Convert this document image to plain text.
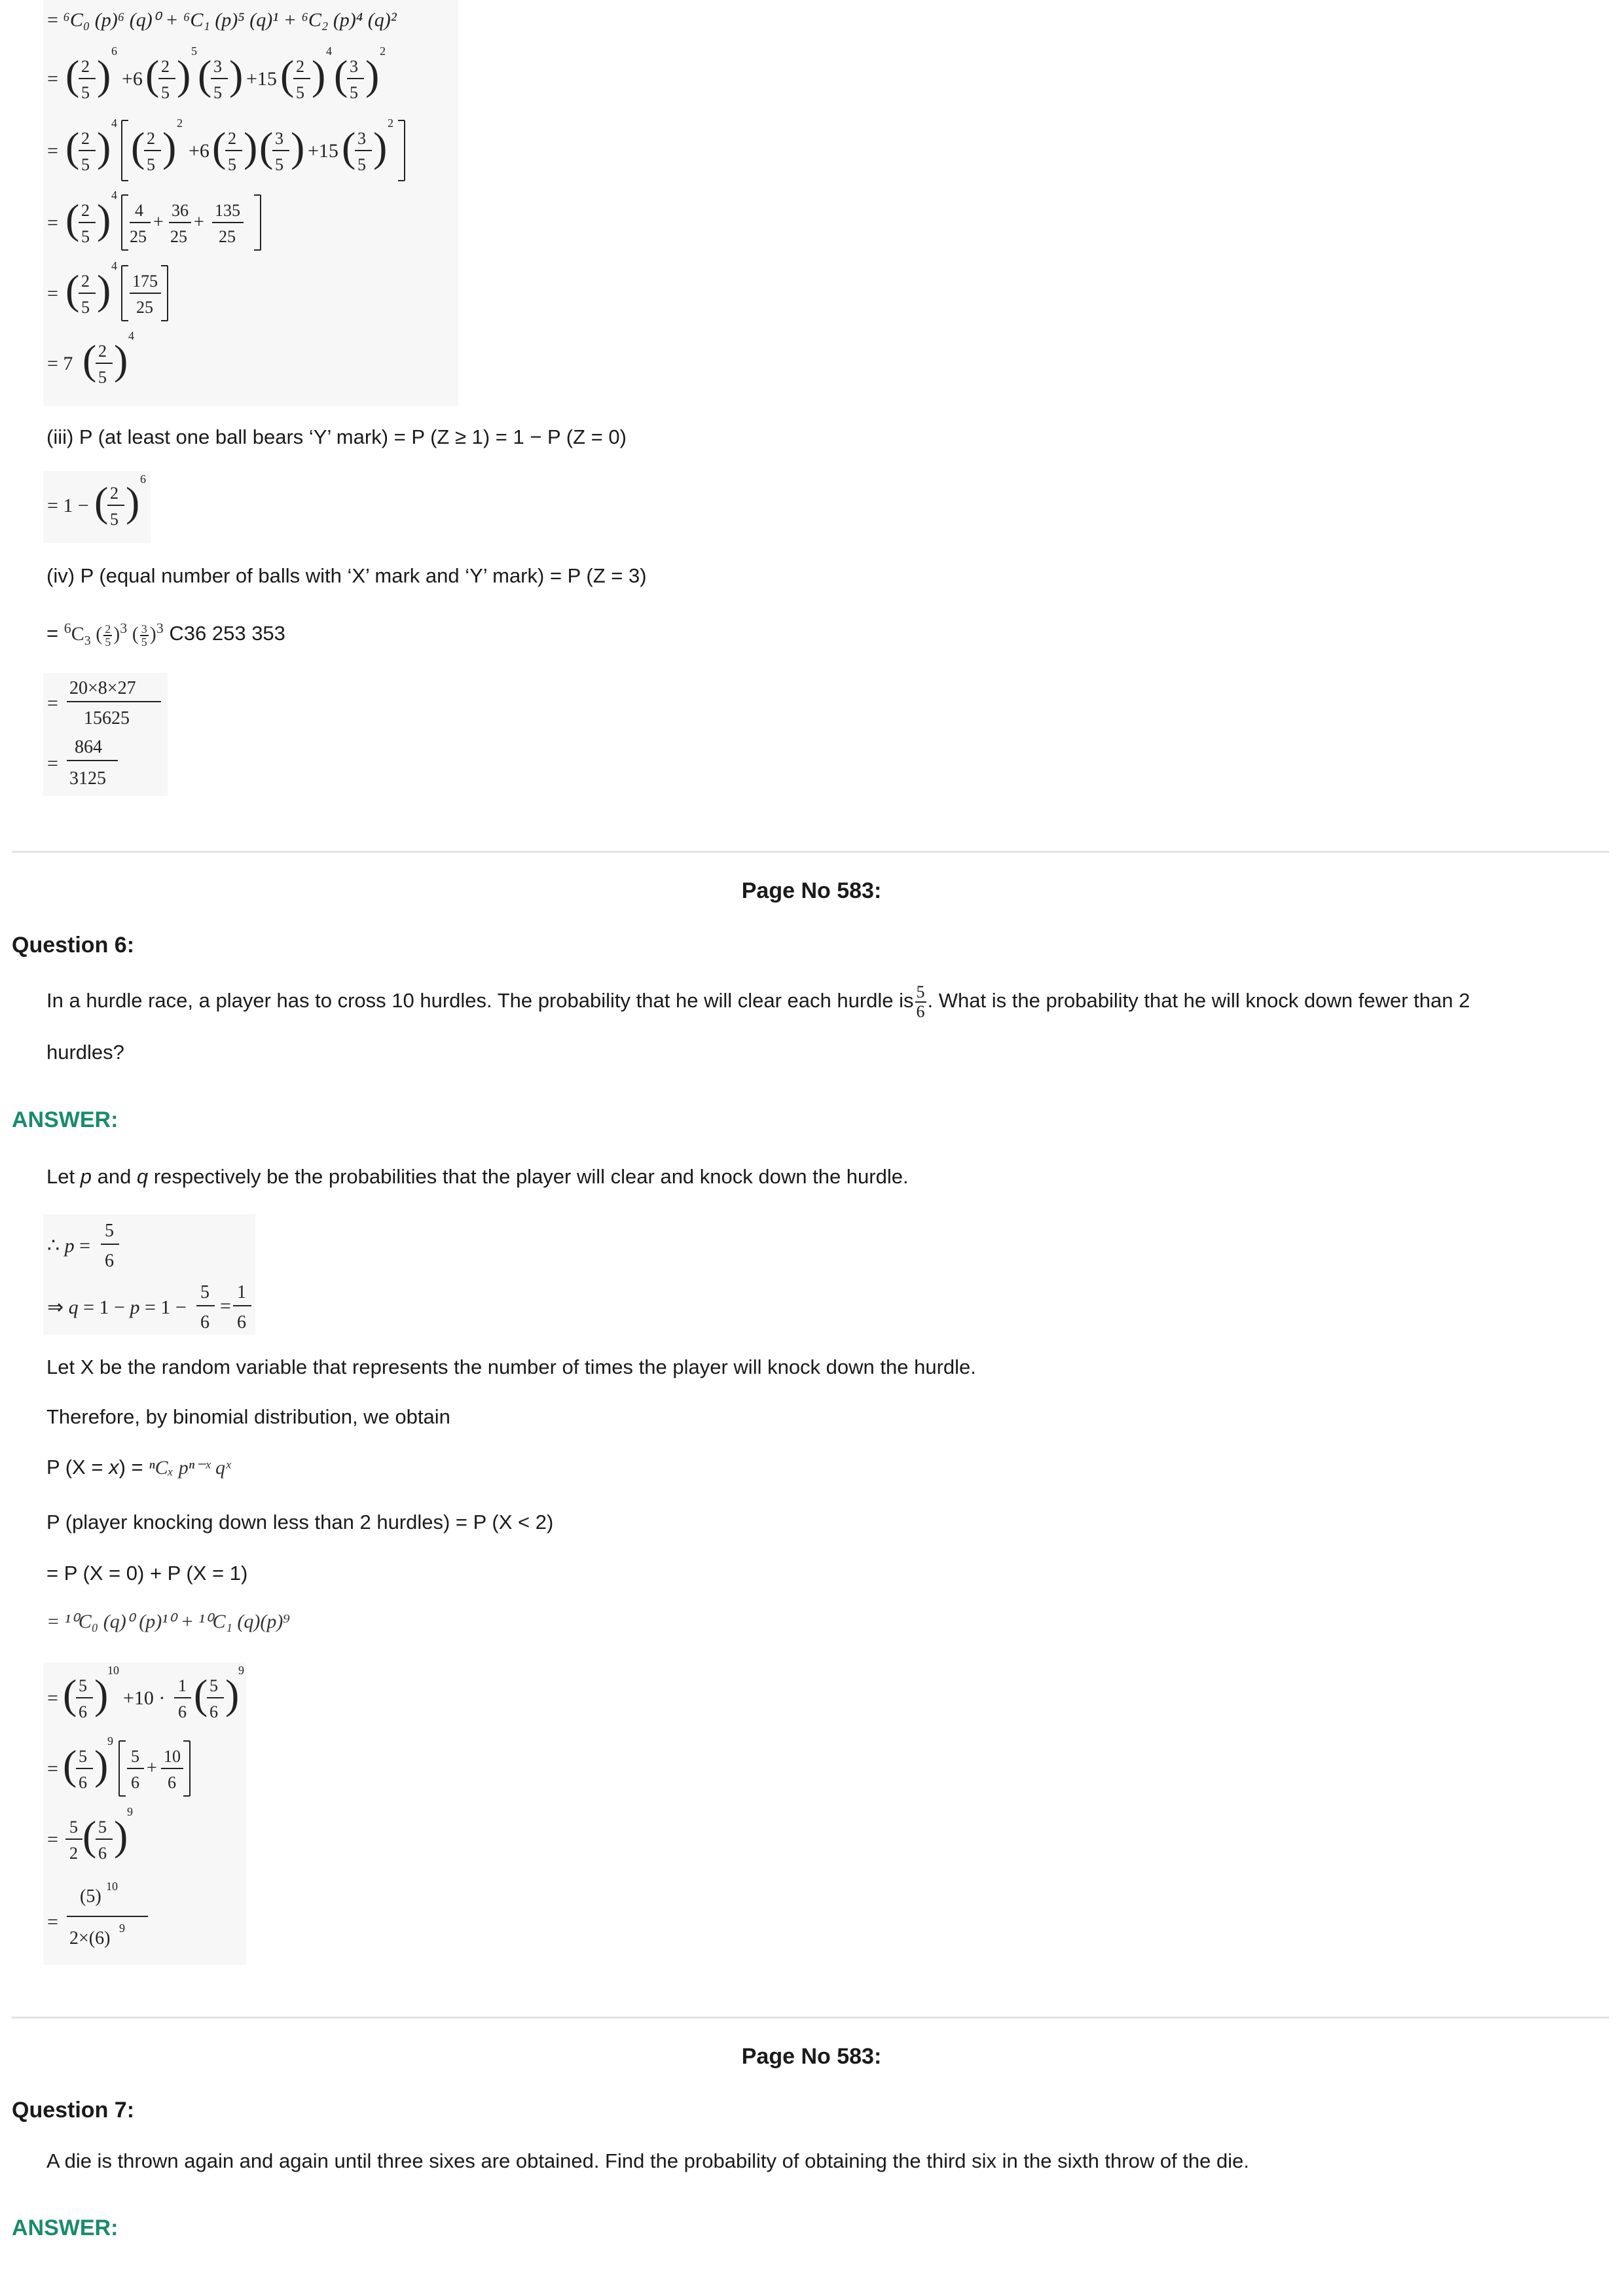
= ⁶C₀ (p)⁶ (q)⁰ + ⁶C₁ (p)⁵ (q)¹ + ⁶C₂ (p)⁴ (q)²
= ( 2
5 )
6
+6 ( 2
5 )
5
( 3
5 ) +15 ( 2
5 )
4
( 3
5 )
2
= ( 2
5 )
4
( 2
5 )
2
+6 ( 2
5 ) ( 3
5 ) +15 ( 3
5 )
2
= ( 2
5 )
4
4
25
+
36
25
+
135
25
= ( 2
5 )
4
175
25
= 7 ( 2
5 )
4
(iii) P (at least one ball bears ‘Y’ mark) = P (Z ≥ 1) = 1 − P (Z = 0)
= 1 − ( 2
5 ) 6
(iv) P (equal number of balls with ‘X’ mark and ‘Y’ mark) = P (Z = 3)
= $^6C_3$ ( $\frac{2}{5} )^3$ ( $\frac{3}{5} )^3$ C36 253 353
=
20×8×27
15625
=
864
3125
Page No 583:
Question 6:
In a hurdle race, a player has to cross 10 hurdles. The probability that he will clear each hurdle is $\frac{5}{6}$ . What is the probability that he will knock down fewer than 2
hurdles?
ANSWER:
Let p and q respectively be the probabilities that the player will clear and knock down the hurdle.
∴ p =
5
6
⇒ q = 1 − p = 1 −
5
6
=
1
6
Let X be the random variable that represents the number of times the player will knock down the hurdle.
Therefore, by binomial distribution, we obtain
P (X = x) = ⁿCₓ pⁿ⁻ˣ qˣ
P (player knocking down less than 2 hurdles) = P (X < 2)
= P (X = 0) + P (X = 1)
= ¹⁰C₀ (q)⁰ (p)¹⁰ + ¹⁰C₁ (q)(p)⁹
= ( 5
6 )
10
+10 ·
1
6 ( 5
6 )
9
= ( 5
6 )
9
5
6
+
10
6
=
5
2 ( 5
6 )
9
=
(5) 10
2×(6) 9
Page No 583:
Question 7:
A die is thrown again and again until three sixes are obtained. Find the probability of obtaining the third six in the sixth throw of the die.
ANSWER:
